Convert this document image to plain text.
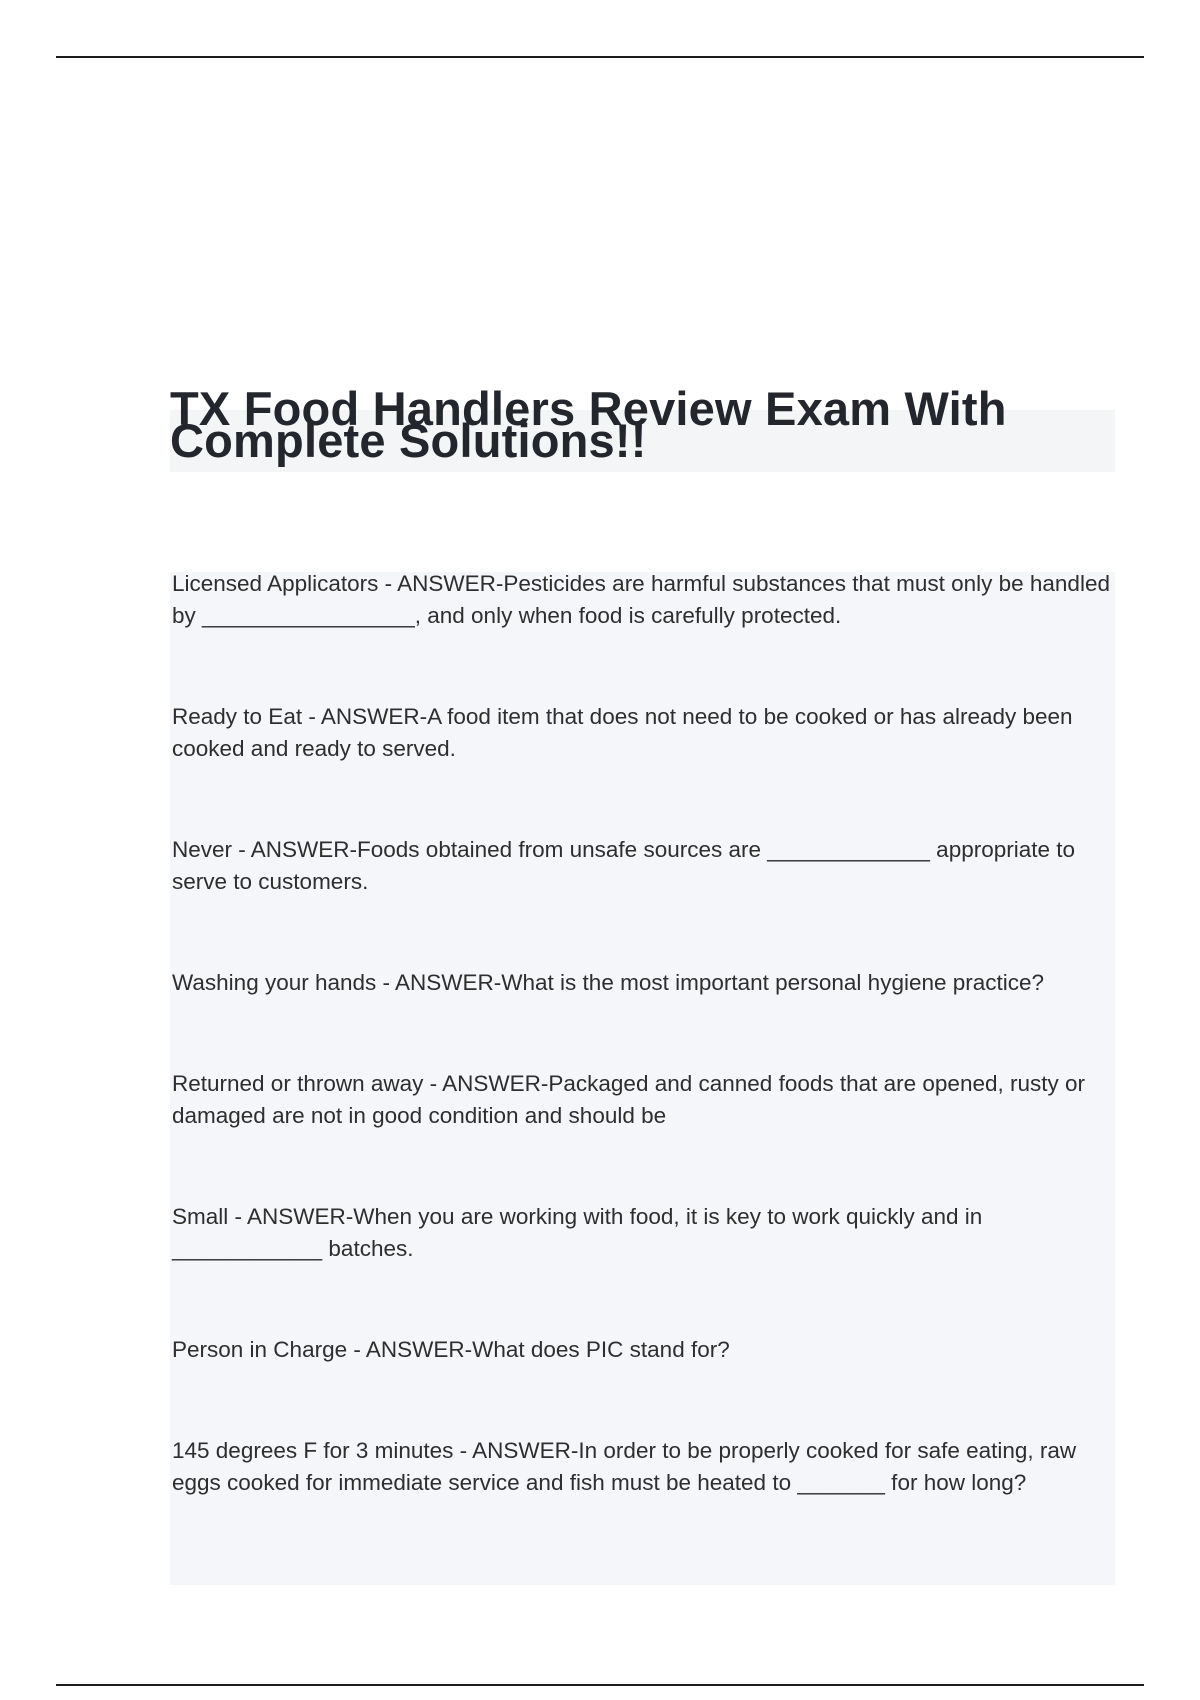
TX Food Handlers Review Exam With Complete Solutions!!
Licensed Applicators - ANSWER-Pesticides are harmful substances that must only be handled by _________________, and only when food is carefully protected.
Ready to Eat - ANSWER-A food item that does not need to be cooked or has already been cooked and ready to served.
Never - ANSWER-Foods obtained from unsafe sources are _____________ appropriate to serve to customers.
Washing your hands - ANSWER-What is the most important personal hygiene practice?
Returned or thrown away - ANSWER-Packaged and canned foods that are opened, rusty or damaged are not in good condition and should be
Small - ANSWER-When you are working with food, it is key to work quickly and in ____________ batches.
Person in Charge - ANSWER-What does PIC stand for?
145 degrees F for 3 minutes - ANSWER-In order to be properly cooked for safe eating, raw eggs cooked for immediate service and fish must be heated to _______ for how long?
